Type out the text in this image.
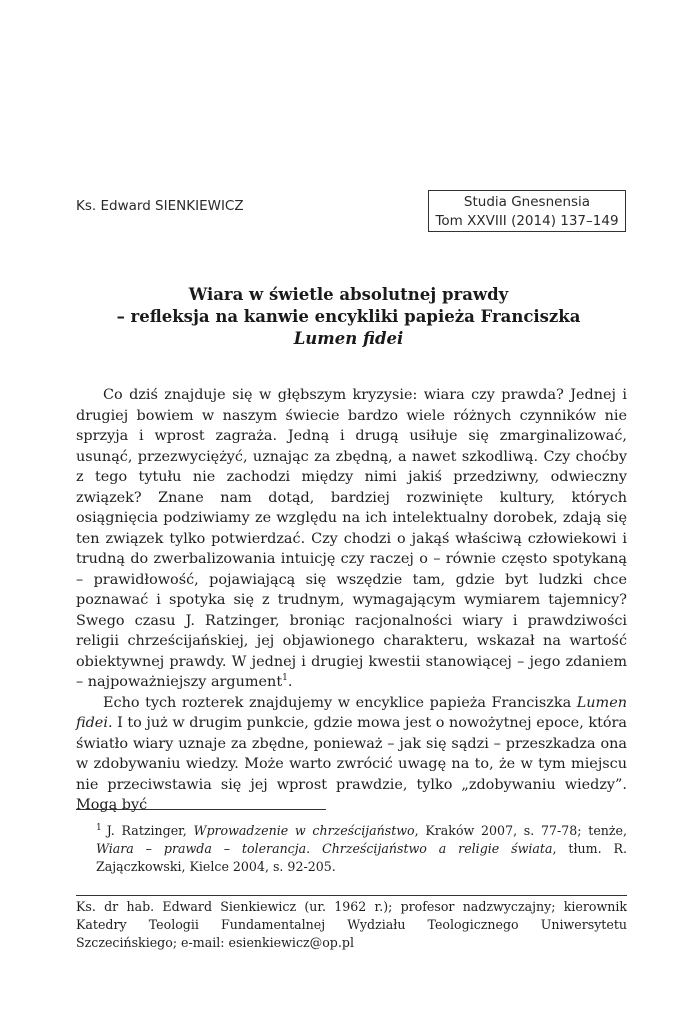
Ks. Edward SIENKIEWICZ	Studia Gnesnensia
Tom XXVIII (2014) 137–149
Wiara w świetle absolutnej prawdy
– refleksja na kanwie encykliki papieża Franciszka
Lumen fidei

Co dziś znajduje się w głębszym kryzysie: wiara czy prawda? Jednej i drugiej bowiem w naszym świecie bardzo wiele różnych czynników nie sprzyja i wprost zagraża. Jedną i drugą usiłuje się zmarginalizować, usunąć, przezwyciężyć, uznając za zbędną, a nawet szkodliwą. Czy choćby z tego tytułu nie zachodzi między nimi jakiś przedziwny, odwieczny związek? Znane nam dotąd, bardziej rozwinięte kultury, których osiągnięcia podziwiamy ze względu na ich intelektualny dorobek, zdają się ten związek tylko potwierdzać. Czy chodzi o jakąś właściwą człowiekowi i trudną do zwerbalizowania intuicję czy raczej o – równie często spotykaną – prawidłowość, pojawiającą się wszędzie tam, gdzie byt ludzki chce poznawać i spotyka się z trudnym, wymagającym wymiarem tajemnicy? Swego czasu J. Ratzinger, broniąc racjonalności wiary i prawdziwości religii chrześcijańskiej, jej objawionego charakteru, wskazał na wartość obiektywnej prawdy. W jednej i drugiej kwestii stanowiącej – jego zdaniem – najpoważniejszy argument$^1$.

Echo tych rozterek znajdujemy w encyklice papieża Franciszka Lumen fidei. I to już w drugim punkcie, gdzie mowa jest o nowożytnej epoce, która światło wiary uznaje za zbędne, ponieważ – jak się sądzi – przeszkadza ona w zdobywaniu wiedzy. Może warto zwrócić uwagę na to, że w tym miejscu nie przeciwstawia się jej wprost prawdzie, tylko „zdobywaniu wiedzy”. Mogą być

$^1$ J. Ratzinger, Wprowadzenie w chrześcijaństwo, Kraków 2007, s. 77-78; tenże, Wiara – prawda – tolerancja. Chrześcijaństwo a religie świata, tłum. R. Zajączkowski, Kielce 2004, s. 92-205.
Ks. dr hab. Edward Sienkiewicz (ur. 1962 r.); profesor nadzwyczajny; kierownik Katedry Teologii Fundamentalnej Wydziału Teologicznego Uniwersytetu Szczecińskiego; e-mail: esienkiewicz@op.pl
